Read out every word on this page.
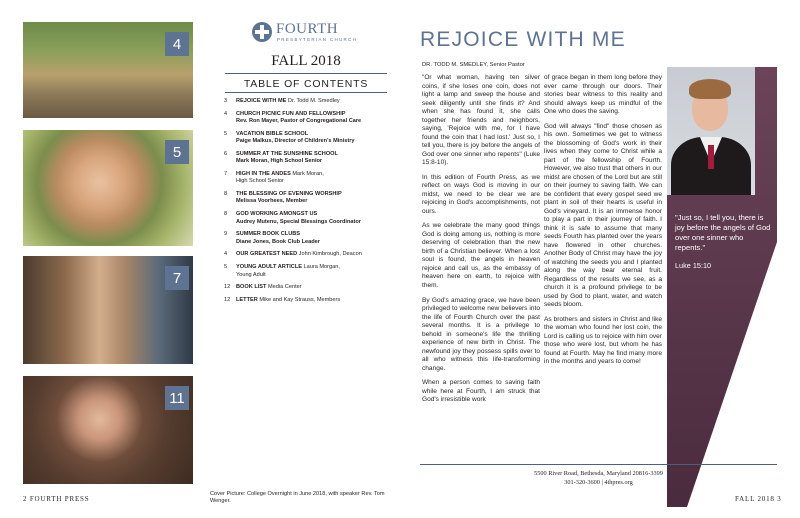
4
5
7
11
FOURTH
PRESBYTERIAN CHURCH
FALL 2018
TABLE OF CONTENTS
3	REJOICE WITH ME Dr. Todd M. Smedley
4	CHURCH PICNIC FUN AND FELLOWSHIP
Rev. Ron Mayer, Pastor of Congregational Care
5	VACATION BIBLE SCHOOL
Paige Malkus, Director of Children's Ministry
6	SUMMER AT THE SUNSHINE SCHOOL
Mark Moran, High School Senior
7	HIGH IN THE ANDES Mark Moran,
High School Senior
8	THE BLESSING OF EVENING WORSHIP
Melissa Voorhees, Member
8	GOD WORKING AMONGST US
Audrey Mutenu, Special Blessings Coordinator
9	SUMMER BOOK CLUBS
Diane Jones, Book Club Leader
4	OUR GREATEST NEED John Kimbrough, Deacon
5	YOUNG ADULT ARTICLE Laura Morgan,
Young Adult
12	BOOK LIST Media Center
12	LETTER Mike and Kay Strauss, Members
Cover Picture: College Overnight in June 2018, with speaker Rev. Tom Wenger.
2 FOURTH PRESS
REJOICE WITH ME
DR. TODD M. SMEDLEY, Senior Pastor

"Or what woman, having ten silver coins, if she loses one coin, does not light a lamp and sweep the house and seek diligently until she finds it? And when she has found it, she calls together her friends and neighbors, saying, 'Rejoice with me, for I have found the coin that I had lost.' Just so, I tell you, there is joy before the angels of God over one sinner who repents" (Luke 15:8-10).

In this edition of Fourth Press, as we reflect on ways God is moving in our midst, we need to be clear we are rejoicing in God's accomplishments, not ours.

As we celebrate the many good things God is doing among us, nothing is more deserving of celebration than the new birth of a Christian believer. When a lost soul is found, the angels in heaven rejoice and call us, as the embassy of heaven here on earth, to rejoice with them.

By God's amazing grace, we have been privileged to welcome new believers into the life of Fourth Church over the past several months. It is a privilege to behold in someone's life the thrilling experience of new birth in Christ. The newfound joy they possess spills over to all who witness this life-transforming change.

When a person comes to saving faith while here at Fourth, I am struck that God's irresistible work

of grace began in them long before they ever came through our doors. Their stories bear witness to this reality and should always keep us mindful of the One who does the saving.

God will always "find" those chosen as his own. Sometimes we get to witness the blossoming of God's work in their lives when they come to Christ while a part of the fellowship of Fourth. However, we also trust that others in our midst are chosen of the Lord but are still on their journey to saving faith. We can be confident that every gospel seed we plant in soil of their hearts is useful in God's vineyard. It is an immense honor to play a part in their journey of faith. I think it is safe to assume that many seeds Fourth has planted over the years have flowered in other churches. Another Body of Christ may have the joy of watching the seeds you and I planted along the way bear eternal fruit. Regardless of the results we see, as a church it is a profound privilege to be used by God to plant, water, and watch seeds bloom.

As brothers and sisters in Christ and like the woman who found her lost coin, the Lord is calling us to rejoice with him over those who were lost, but whom he has found at Fourth. May he find many more in the months and years to come!

"Just so, I tell you, there is joy before the angels of God over one sinner who repents."
Luke 15:10
5500 River Road, Bethesda, Maryland 20816-3399
301-320-3600 | 4thpres.org
FALL 2018 3
